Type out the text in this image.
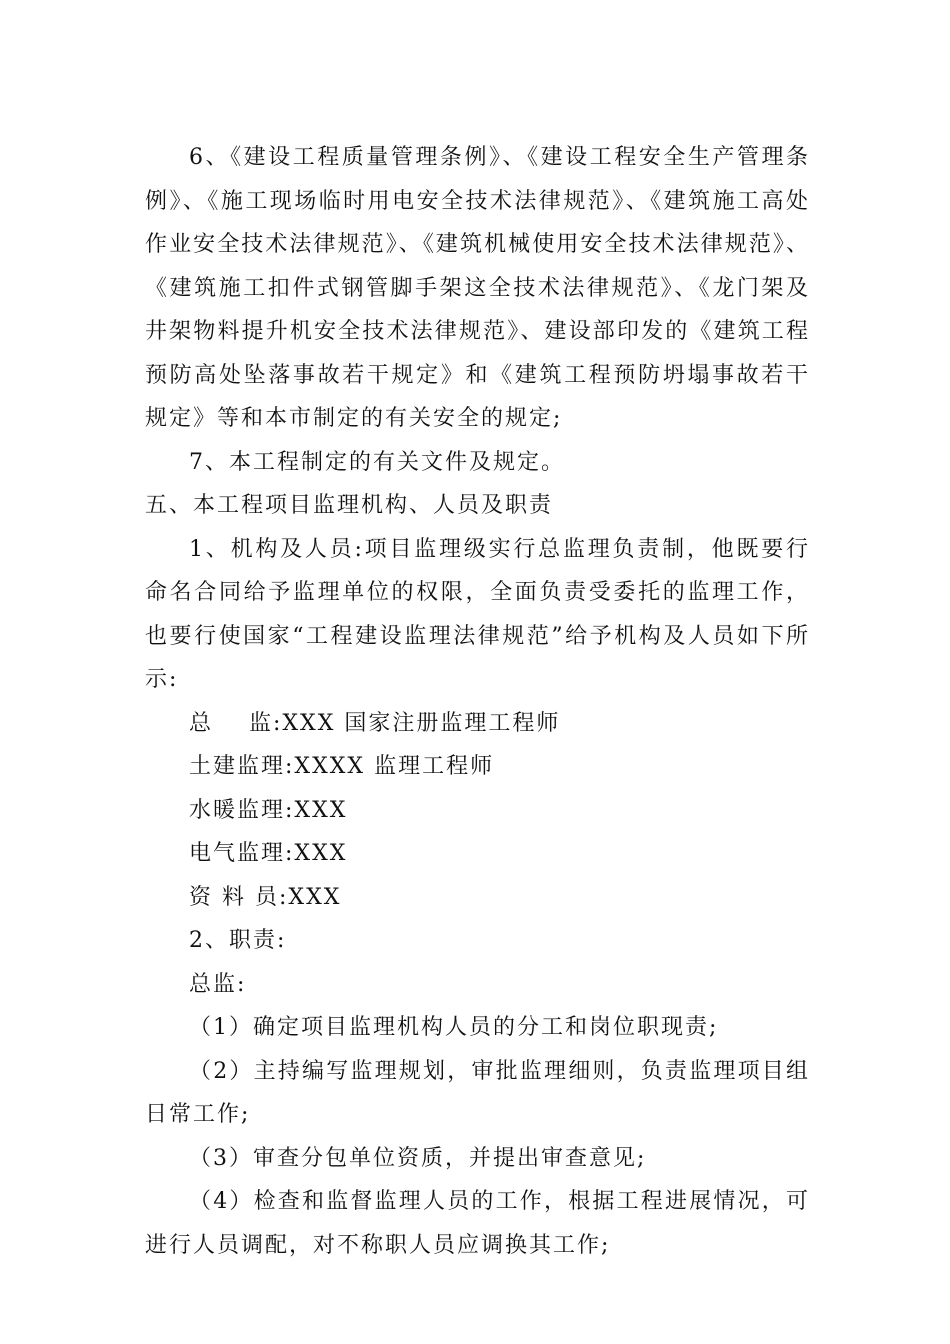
6、《建设工程质量管理条例》、《建设工程安全生产管理条例》、《施工现场临时用电安全技术法律规范》、《建筑施工高处作业安全技术法律规范》、《建筑机械使用安全技术法律规范》、《建筑施工扣件式钢管脚手架这全技术法律规范》、《龙门架及井架物料提升机安全技术法律规范》、建设部印发的《建筑工程预防高处坠落事故若干规定》和《建筑工程预防坍塌事故若干规定》等和本市制定的有关安全的规定;

7、本工程制定的有关文件及规定。

五、本工程项目监理机构、人员及职责

1、机构及人员:项目监理级实行总监理负责制，他既要行命名合同给予监理单位的权限，全面负责受委托的监理工作，也要行使国家“工程建设监理法律规范”给予机构及人员如下所示:

总    监:XXX 国家注册监理工程师

土建监理:XXXX 监理工程师

水暖监理:XXX

电气监理:XXX

资 料 员:XXX

2、职责:

总监:

（1）确定项目监理机构人员的分工和岗位职现责;

（2）主持编写监理规划，审批监理细则，负责监理项目组日常工作;

（3）审查分包单位资质，并提出审查意见;

（4）检查和监督监理人员的工作，根据工程进展情况，可进行人员调配，对不称职人员应调换其工作;
